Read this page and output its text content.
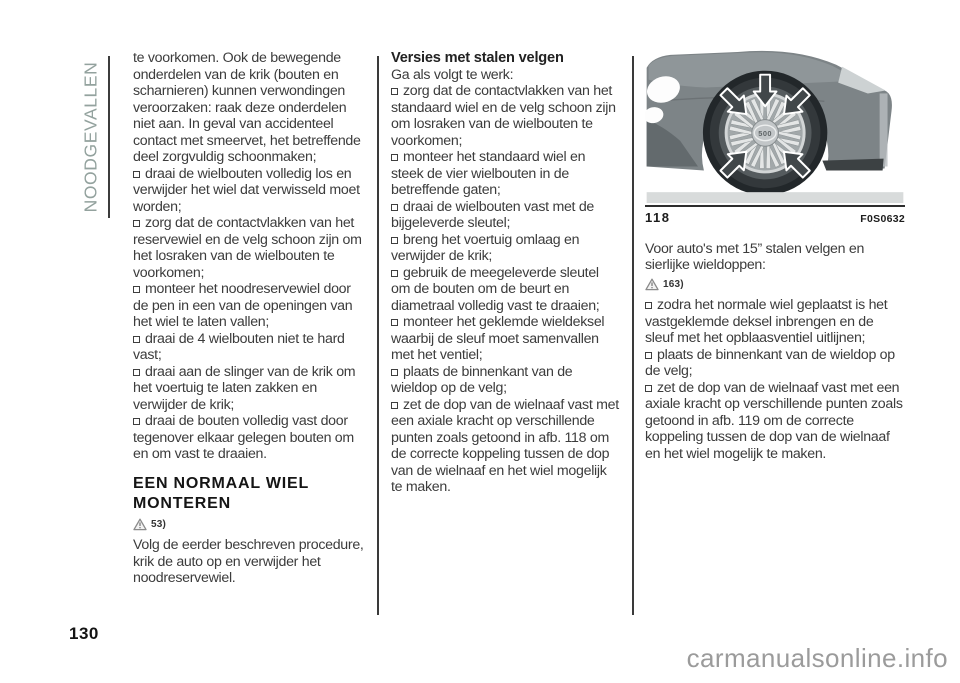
NOODGEVALLEN

te voorkomen. Ook de bewegende onderdelen van de krik (bouten en scharnieren) kunnen verwondingen veroorzaken: raak deze onderdelen niet aan. In geval van accidenteel contact met smeervet, het betreffende deel zorgvuldig schoonmaken;

draai de wielbouten volledig los en verwijder het wiel dat verwisseld moet worden;

zorg dat de contactvlakken van het reservewiel en de velg schoon zijn om het losraken van de wielbouten te voorkomen;

monteer het noodreservewiel door de pen in een van de openingen van het wiel te laten vallen;

draai de 4 wielbouten niet te hard vast;

draai aan de slinger van de krik om het voertuig te laten zakken en verwijder de krik;

draai de bouten volledig vast door tegenover elkaar gelegen bouten om en om vast te draaien.

EEN NORMAAL WIEL MONTEREN
53)

Volg de eerder beschreven procedure, krik de auto op en verwijder het noodreservewiel.

Versies met stalen velgen

Ga als volgt te werk:

zorg dat de contactvlakken van het standaard wiel en de velg schoon zijn om losraken van de wielbouten te voorkomen;

monteer het standaard wiel en steek de vier wielbouten in de betreffende gaten;

draai de wielbouten vast met de bijgeleverde sleutel;

breng het voertuig omlaag en verwijder de krik;

gebruik de meegeleverde sleutel om de bouten om de beurt en diametraal volledig vast te draaien;

monteer het geklemde wieldeksel waarbij de sleuf moet samenvallen met het ventiel;

plaats de binnenkant van de wieldop op de velg;

zet de dop van de wielnaaf vast met een axiale kracht op verschillende punten zoals getoond in afb. 118 om de correcte koppeling tussen de dop van de wielnaaf en het wiel mogelijk te maken.

500
118	F0S0632

Voor auto's met 15” stalen velgen en sierlijke wieldoppen:

163)

zodra het normale wiel geplaatst is het vastgeklemde deksel inbrengen en de sleuf met het opblaasventiel uitlijnen;

plaats de binnenkant van de wieldop op de velg;

zet de dop van de wielnaaf vast met een axiale kracht op verschillende punten zoals getoond in afb. 119 om de correcte koppeling tussen de dop van de wielnaaf en het wiel mogelijk te maken.

130
carmanualsonline.info
